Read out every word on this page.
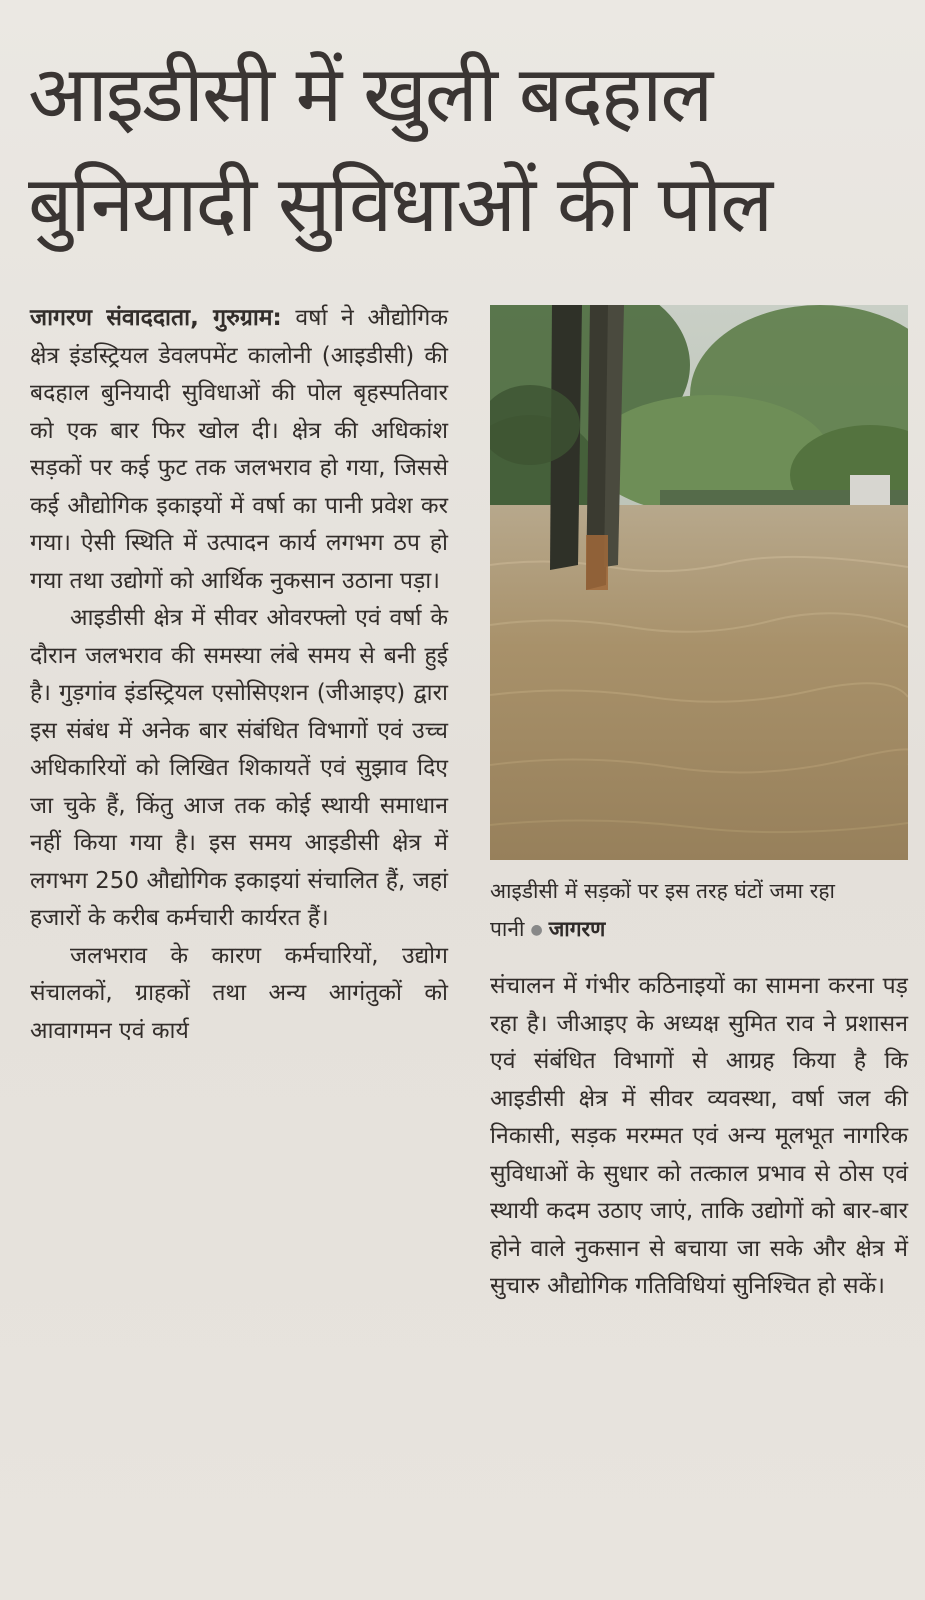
आइडीसी में खुली बदहाल
बुनियादी सुविधाओं की पोल

जागरण संवाददाता, गुरुग्राम: वर्षा ने औद्योगिक क्षेत्र इंडस्ट्रियल डेवलपमेंट कालोनी (आइडीसी) की बदहाल बुनियादी सुविधाओं की पोल बृहस्पतिवार को एक बार फिर खोल दी। क्षेत्र की अधिकांश सड़कों पर कई फुट तक जलभराव हो गया, जिससे कई औद्योगिक इकाइयों में वर्षा का पानी प्रवेश कर गया। ऐसी स्थिति में उत्पादन कार्य लगभग ठप हो गया तथा उद्योगों को आर्थिक नुकसान उठाना पड़ा।

आइडीसी क्षेत्र में सीवर ओवरफ्लो एवं वर्षा के दौरान जलभराव की समस्या लंबे समय से बनी हुई है। गुड़गांव इंडस्ट्रियल एसोसिएशन (जीआइए) द्वारा इस संबंध में अनेक बार संबंधित विभागों एवं उच्च अधिकारियों को लिखित शिकायतें एवं सुझाव दिए जा चुके हैं, किंतु आज तक कोई स्थायी समाधान नहीं किया गया है। इस समय आइडीसी क्षेत्र में लगभग 250 औद्योगिक इकाइयां संचालित हैं, जहां हजारों के करीब कर्मचारी कार्यरत हैं।

जलभराव के कारण कर्मचारियों, उद्योग संचालकों, ग्राहकों तथा अन्य आगंतुकों को आवागमन एवं कार्य

आइडीसी में सड़कों पर इस तरह घंटों जमा रहा पानी ● जागरण

संचालन में गंभीर कठिनाइयों का सामना करना पड़ रहा है। जीआइए के अध्यक्ष सुमित राव ने प्रशासन एवं संबंधित विभागों से आग्रह किया है कि आइडीसी क्षेत्र में सीवर व्यवस्था, वर्षा जल की निकासी, सड़क मरम्मत एवं अन्य मूलभूत नागरिक सुविधाओं के सुधार को तत्काल प्रभाव से ठोस एवं स्थायी कदम उठाए जाएं, ताकि उद्योगों को बार-बार होने वाले नुकसान से बचाया जा सके और क्षेत्र में सुचारु औद्योगिक गतिविधियां सुनिश्चित हो सकें।
